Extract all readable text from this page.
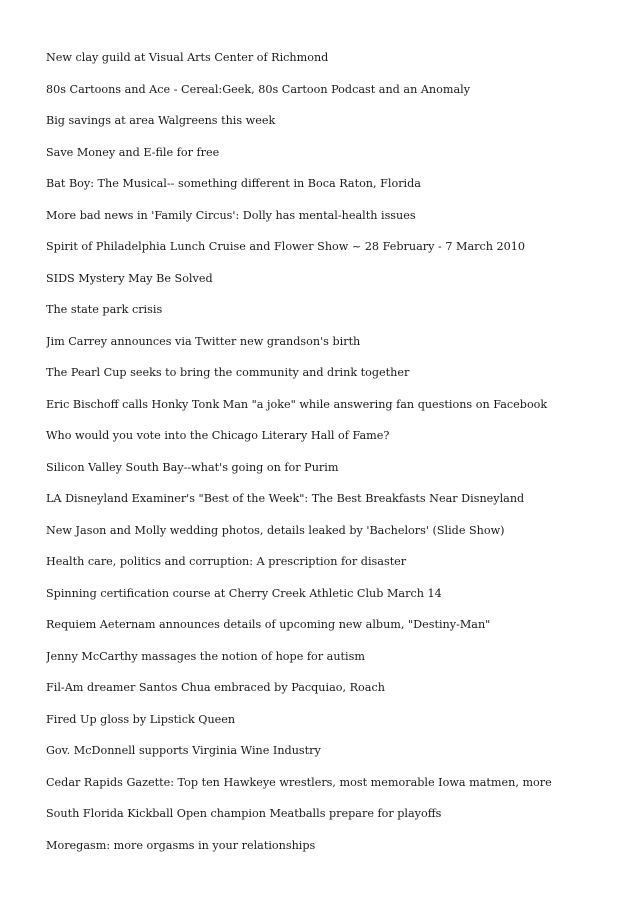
New clay guild at Visual Arts Center of Richmond
80s Cartoons and Ace - Cereal:Geek, 80s Cartoon Podcast and an Anomaly
Big savings at area Walgreens this week
Save Money and E-file for free
Bat Boy: The Musical-- something different in Boca Raton, Florida
More bad news in 'Family Circus': Dolly has mental-health issues
Spirit of Philadelphia Lunch Cruise and Flower Show ~ 28 February - 7 March 2010
SIDS Mystery May Be Solved
The state park crisis
Jim Carrey announces via Twitter new grandson's birth
The Pearl Cup seeks to bring the community and drink together
Eric Bischoff calls Honky Tonk Man "a joke" while answering fan questions on Facebook
Who would you vote into the Chicago Literary Hall of Fame?
Silicon Valley South Bay--what's going on for Purim
LA Disneyland Examiner's "Best of the Week": The Best Breakfasts Near Disneyland
New Jason and Molly wedding photos, details leaked by 'Bachelors' (Slide Show)
Health care, politics and corruption: A prescription for disaster
Spinning certification course at Cherry Creek Athletic Club March 14
Requiem Aeternam announces details of upcoming new album, "Destiny-Man"
Jenny McCarthy massages the notion of hope for autism
Fil-Am dreamer Santos Chua embraced by Pacquiao, Roach
Fired Up gloss by Lipstick Queen
Gov. McDonnell supports Virginia Wine Industry
Cedar Rapids Gazette: Top ten Hawkeye wrestlers, most memorable Iowa matmen, more
South Florida Kickball Open champion Meatballs prepare for playoffs
Moregasm: more orgasms in your relationships
